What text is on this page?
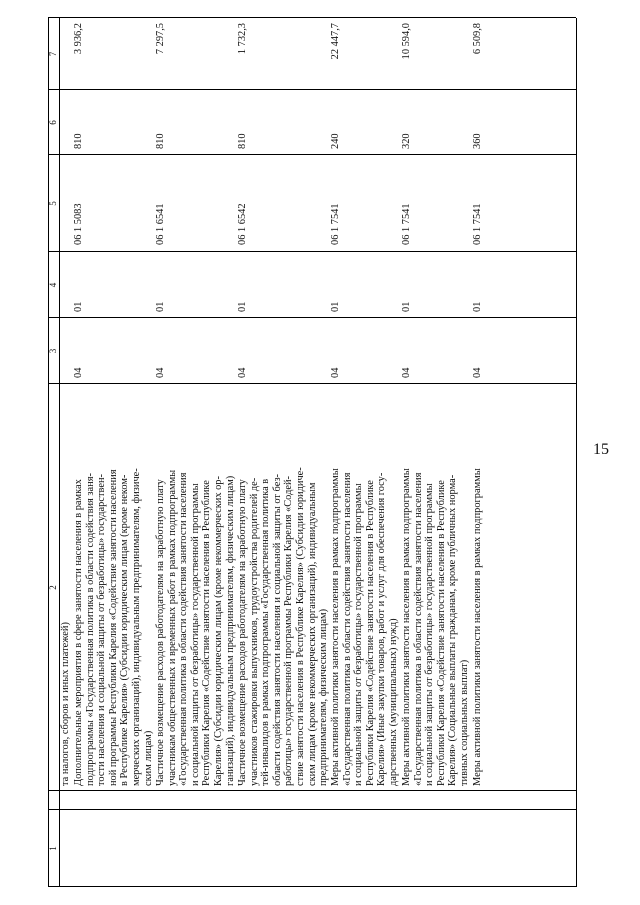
15
1
2
3
4
5
6
7
та налогов, сборов и иных платежей) Дополнительные мероприятия в сфере занятости населения в рамках подпрограммы «Государственная политика в области содействия заня- тости населения и социальной защиты от безработицы» государствен- ной программы Республики Карелия «Содействие занятости населения в Республике Карелия» (Субсидии юридическим лицам (кроме неком- мерческих организаций), индивидуальным предпринимателям, физиче- ским лицам)
04
01
06 1 5083
810
3 936,2
Частичное возмещение расходов работодателям на заработную плату участникам общественных и временных работ в рамках подпрограммы «Государственная политика в области содействия занятости населения и социальной защиты от безработицы» государственной программы Республики Карелия «Содействие занятости населения в Республике Карелия» (Субсидии юридическим лицам (кроме некоммерческих ор- ганизаций), индивидуальным предпринимателям, физическим лицам)
04
01
06 1 6541
810
7 297,5
Частичное возмещение расходов работодателям на заработную плату участников стажировки выпускников, трудоустройства родителей де- тей-инвалидов в рамках подпрограммы «Государственная политика в области содействия занятости населения и социальной защиты от без- работицы» государственной программы Республики Карелия «Содей- ствие занятости населения в Республике Карелия» (Субсидии юридиче- ским лицам (кроме некоммерческих организаций), индивидуальным предпринимателям, физическим лицам)
04
01
06 1 6542
810
1 732,3
Меры активной политики занятости населения в рамках подпрограммы «Государственная политика в области содействия занятости населения и социальной защиты от безработицы» государственной программы Республики Карелия «Содействие занятости населения в Республике Карелия» (Иные закупки товаров, работ и услуг для обеспечения госу- дарственных (муниципальных) нужд)
04
01
06 1 7541
240
22 447,7
Меры активной политики занятости населения в рамках подпрограммы «Государственная политика в области содействия занятости населения и социальной защиты от безработицы» государственной программы Республики Карелия «Содействие занятости населения в Республике Карелия» (Социальные выплаты гражданам, кроме публичных норма- тивных социальных выплат)
04
01
06 1 7541
320
10 594,0
Меры активной политики занятости населения в рамках подпрограммы
04
01
06 1 7541
360
6 509,8
